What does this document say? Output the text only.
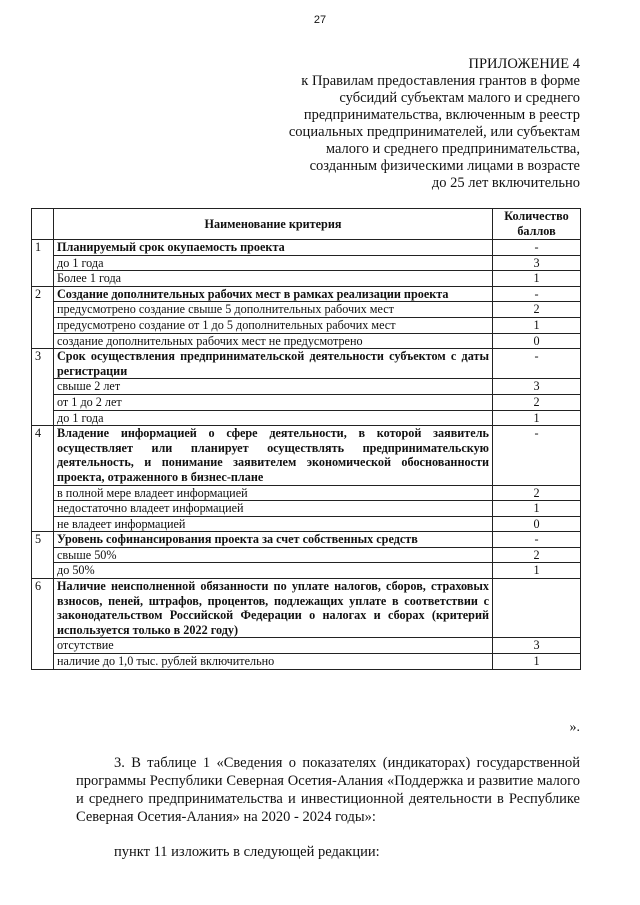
27
ПРИЛОЖЕНИЕ 4
к Правилам предоставления грантов в форме
субсидий субъектам малого и среднего
предпринимательства, включенным в реестр
социальных предпринимателей, или субъектам
малого и среднего предпринимательства,
созданным физическими лицами в возрасте
до 25 лет включительно
	Наименование критерия	Количество баллов
1	Планируемый срок окупаемость проекта	-
	до 1 года	3
	Более 1 года	1
2	Создание дополнительных рабочих мест в рамках реализации проекта	-
	предусмотрено создание свыше 5 дополнительных рабочих мест	2
	предусмотрено создание от 1 до 5 дополнительных рабочих мест	1
	создание дополнительных рабочих мест не предусмотрено	0
3	Срок осуществления предпринимательской деятельности субъектом с даты регистрации	-
	свыше 2 лет	3
	от 1 до 2 лет	2
	до 1 года	1
4	Владение информацией о сфере деятельности, в которой заявитель осуществляет или планирует осуществлять предпринимательскую деятельность, и понимание заявителем экономической обоснованности проекта, отраженного в бизнес-плане	-
	в полной мере владеет информацией	2
	недостаточно владеет информацией	1
	не владеет информацией	0
5	Уровень софинансирования проекта за счет собственных средств	-
	свыше 50%	2
	до 50%	1
6	Наличие неисполненной обязанности по уплате налогов, сборов, страховых взносов, пеней, штрафов, процентов, подлежащих уплате в соответствии с законодательством Российской Федерации о налогах и сборах (критерий используется только в 2022 году)	
	отсутствие	3
	наличие до 1,0 тыс. рублей включительно	1
».
3. В таблице 1 «Сведения о показателях (индикаторах) государственной программы Республики Северная Осетия-Алания «Поддержка и развитие малого и среднего предпринимательства и инвестиционной деятельности в Республике Северная Осетия-Алания» на 2020 - 2024 годы»:
пункт 11 изложить в следующей редакции:
